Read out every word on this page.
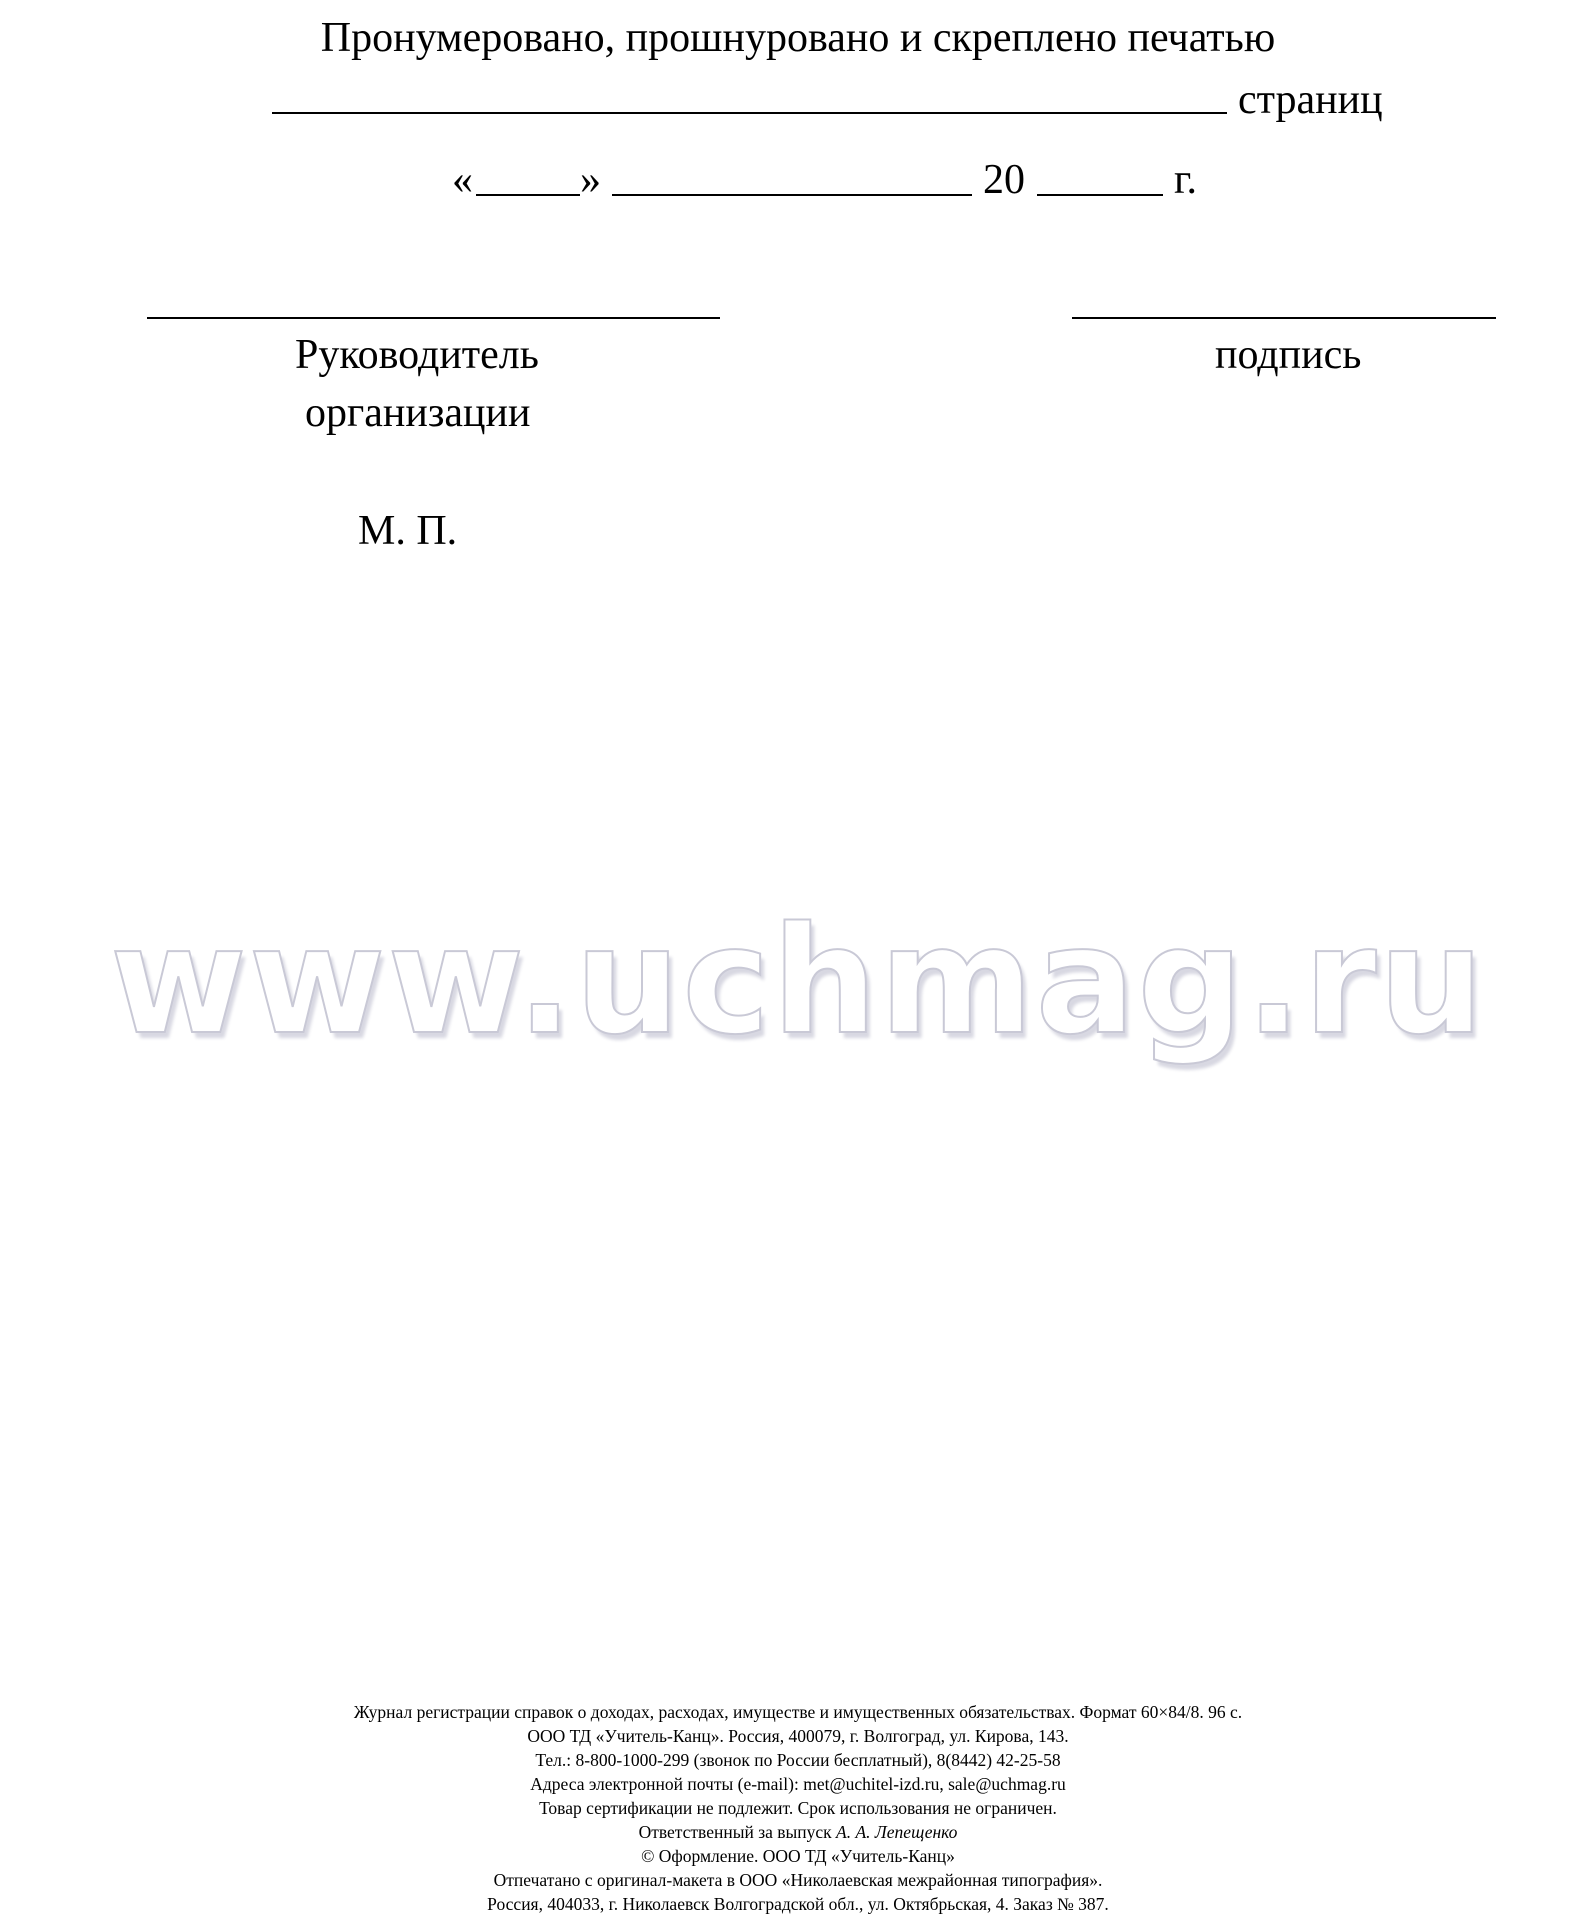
Пронумеровано, прошнуровано и скреплено печатью
страниц
«	»	20	г.
Руководитель
организации
подпись
М. П.
www.uchmag.ru
Журнал регистрации справок о доходах, расходах, имуществе и имущественных обязательствах. Формат 60×84/8. 96 с.
ООО ТД «Учитель-Канц». Россия, 400079, г. Волгоград, ул. Кирова, 143.
Тел.: 8-800-1000-299 (звонок по России бесплатный), 8(8442) 42-25-58
Адреса электронной почты (e-mail): met@uchitel-izd.ru, sale@uchmag.ru
Товар сертификации не подлежит. Срок использования не ограничен.
Ответственный за выпуск А. А. Лепещенко
© Оформление. ООО ТД «Учитель-Канц»
Отпечатано с оригинал-макета в ООО «Николаевская межрайонная типография».
Россия, 404033, г. Николаевск Волгоградской обл., ул. Октябрьская, 4. Заказ № 387.
